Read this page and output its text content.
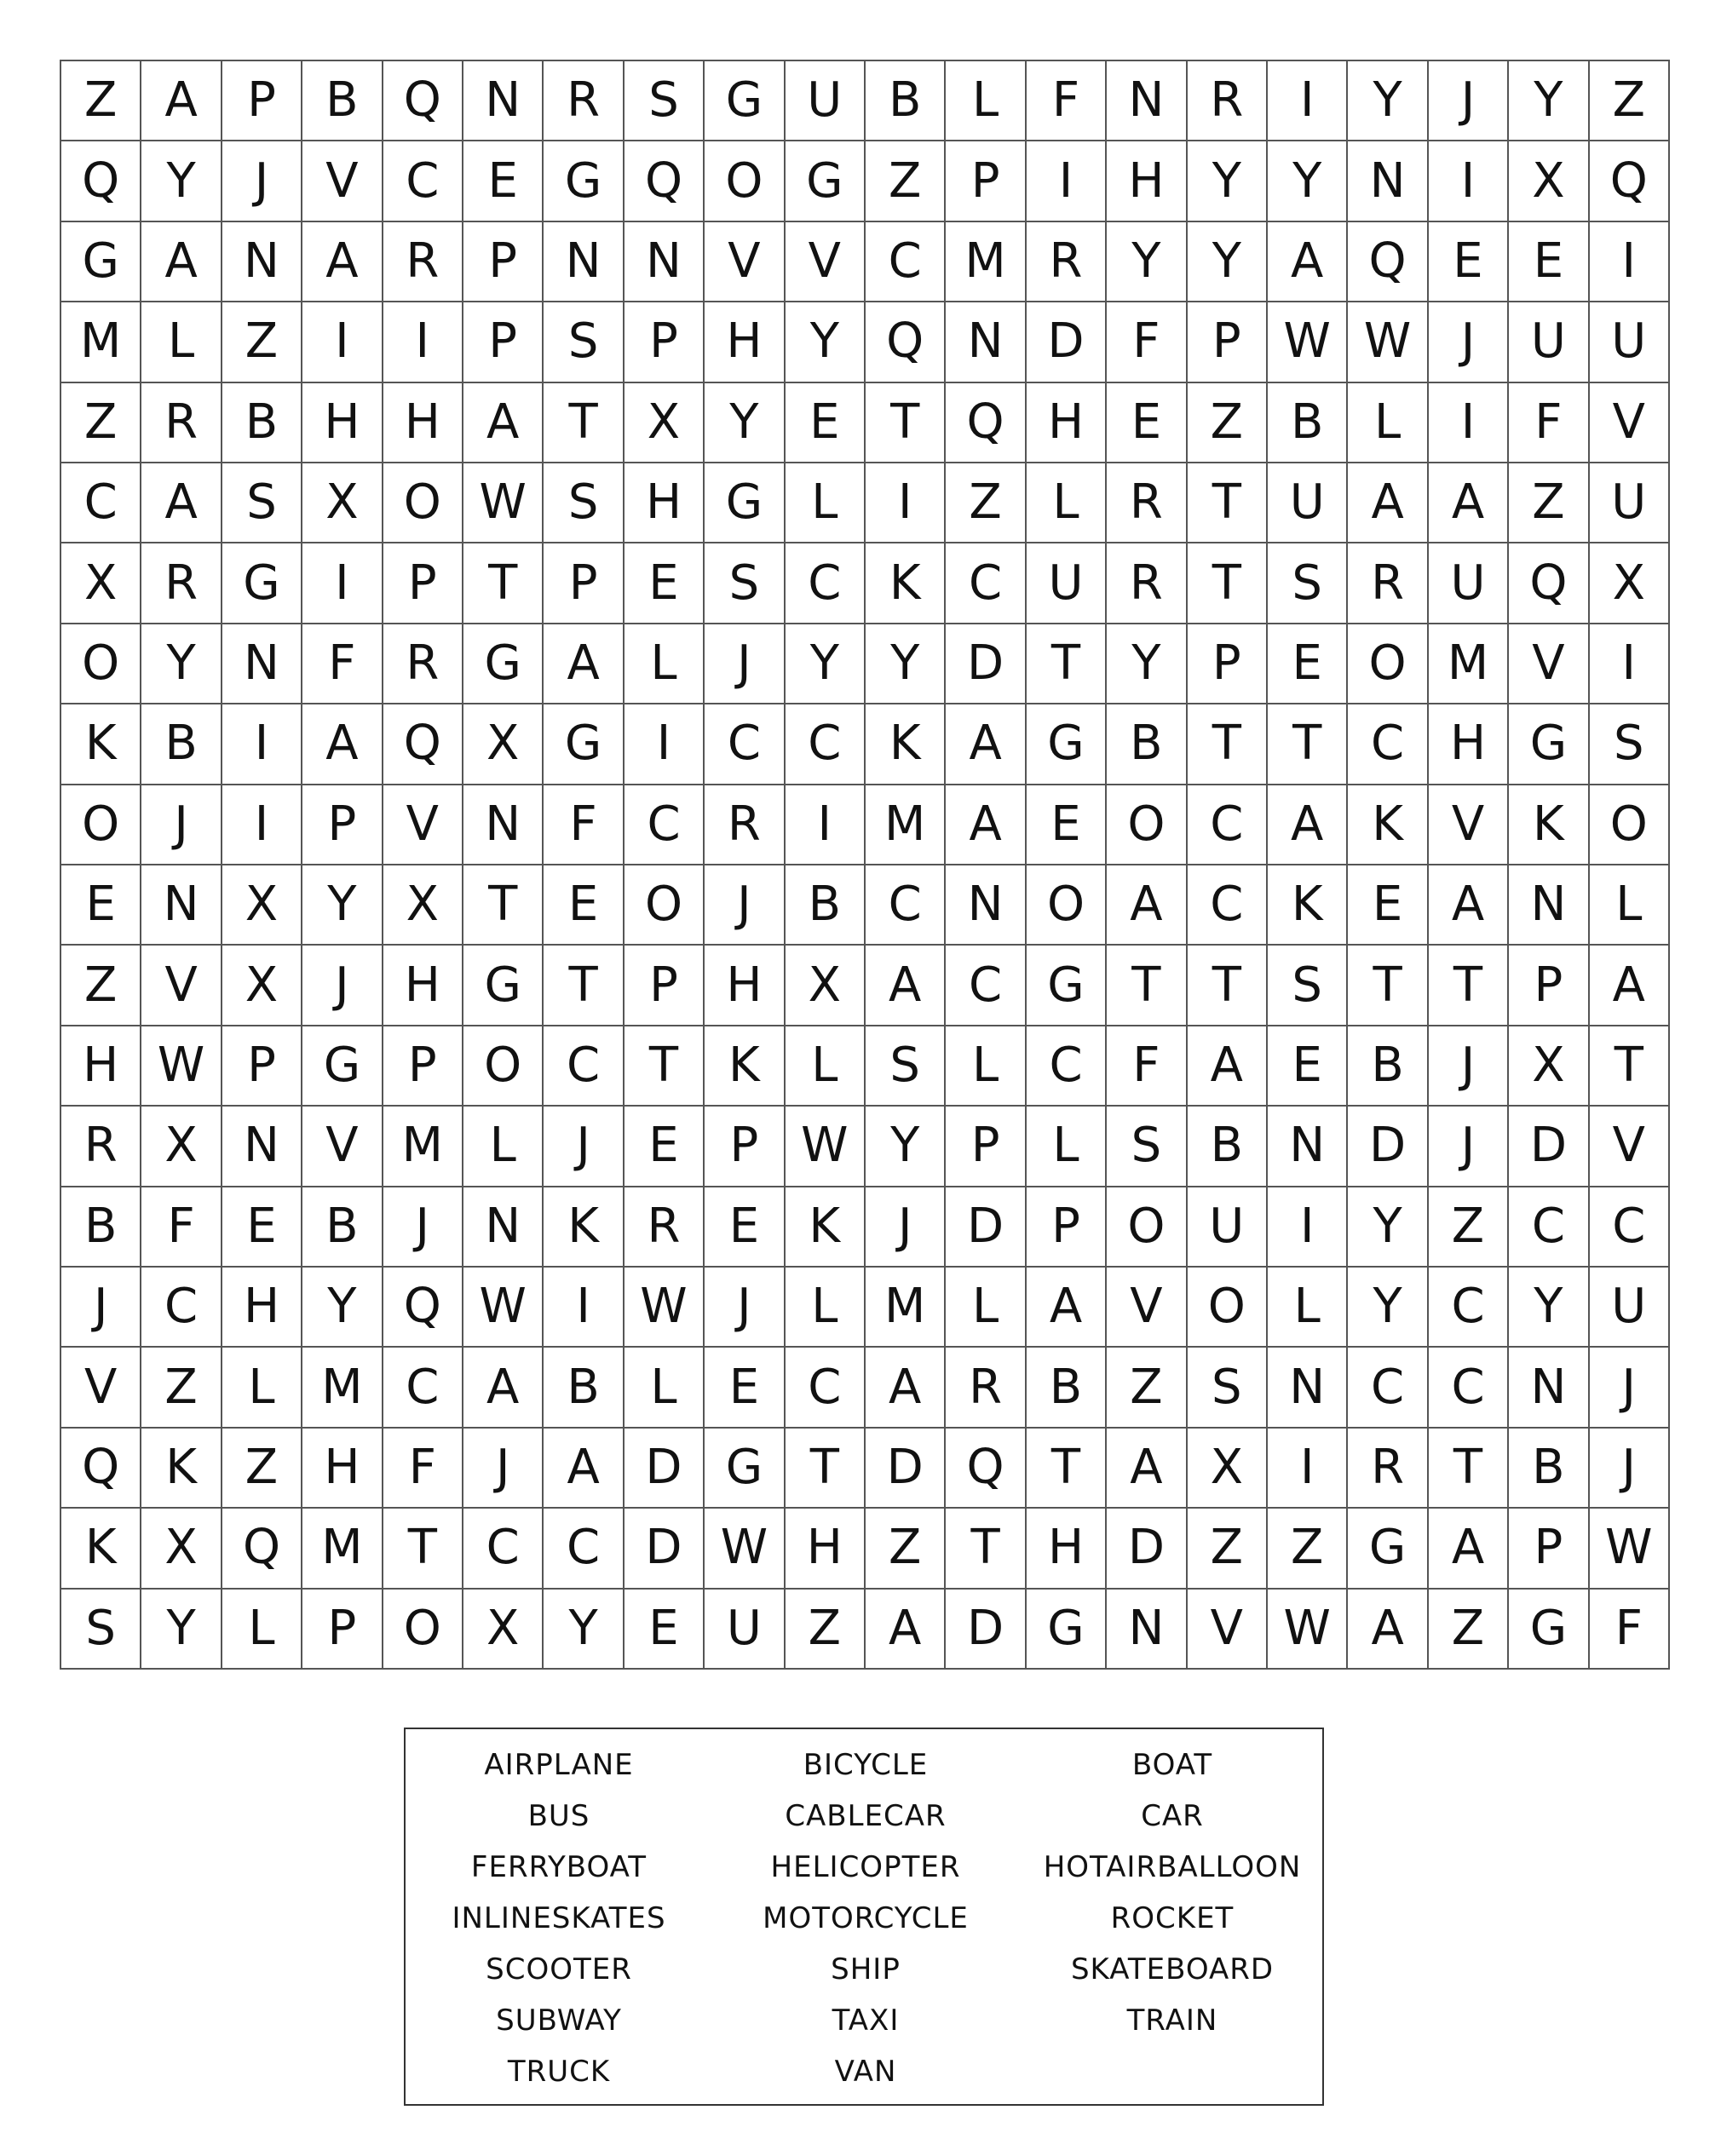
Z	A	P	B Q N R	S G U B	L	F	N R	I	Y	J	Y	Z
Q Y	J	V C	E G Q O G Z	P	I	H	Y	Y	N	I	X Q
G A N A R	P	N N V	V C M R	Y	Y	A Q E	E	I
M L	Z	I	I	P	S	P	H	Y Q N D	F	P W W	J	U U
Z R B H H A	T	X	Y	E	T Q H E	Z	B	L	I	F	V
C A	S	X O W S H G	L	I	Z	L	R	T	U A	A	Z U
X R G	I	P	T	P	E	S	C	K	C U R	T	S	R U Q X
O Y	N	F	R G A	L	J	Y	Y D T	Y	P	E O M V	I
K	B	I	A Q X G	I	C C	K	A G B	T	T	C H G S
O	J	I	P	V N	F	C R	I	M A	E O C A	K	V	K O
E N X	Y	X	T	E O	J	B C N O A C	K	E	A N	L
Z	V	X	J	H G T	P	H X	A C G T	T	S	T	T	P	A
H W P G P O C	T	K	L	S	L	C	F	A	E	B	J	X	T
R X N V M L	J	E	P W Y	P	L	S	B N D	J	D V
B	F	E	B	J	N K	R	E	K	J	D P O U	I	Y	Z C C
J	C H	Y Q W	I	W	J	L M L	A	V O	L	Y	C	Y	U
V	Z	L M C A	B	L	E	C A R B	Z	S N C C N	J
Q K	Z H	F	J	A D G T D Q T	A	X	I	R	T	B	J
K	X Q M T	C C D W H Z	T	H D Z	Z G A	P W
S	Y	L	P O X	Y	E	U Z	A D G N V W A	Z G	F
AIRPLANE	BICYCLE	BOAT
BUS	CABLECAR	CAR
FERRYBOAT	HELICOPTER	HOTAIRBALLOON
INLINESKATES	MOTORCYCLE	ROCKET
SCOOTER	SHIP	SKATEBOARD
SUBWAY	TAXI	TRAIN
TRUCK	VAN
